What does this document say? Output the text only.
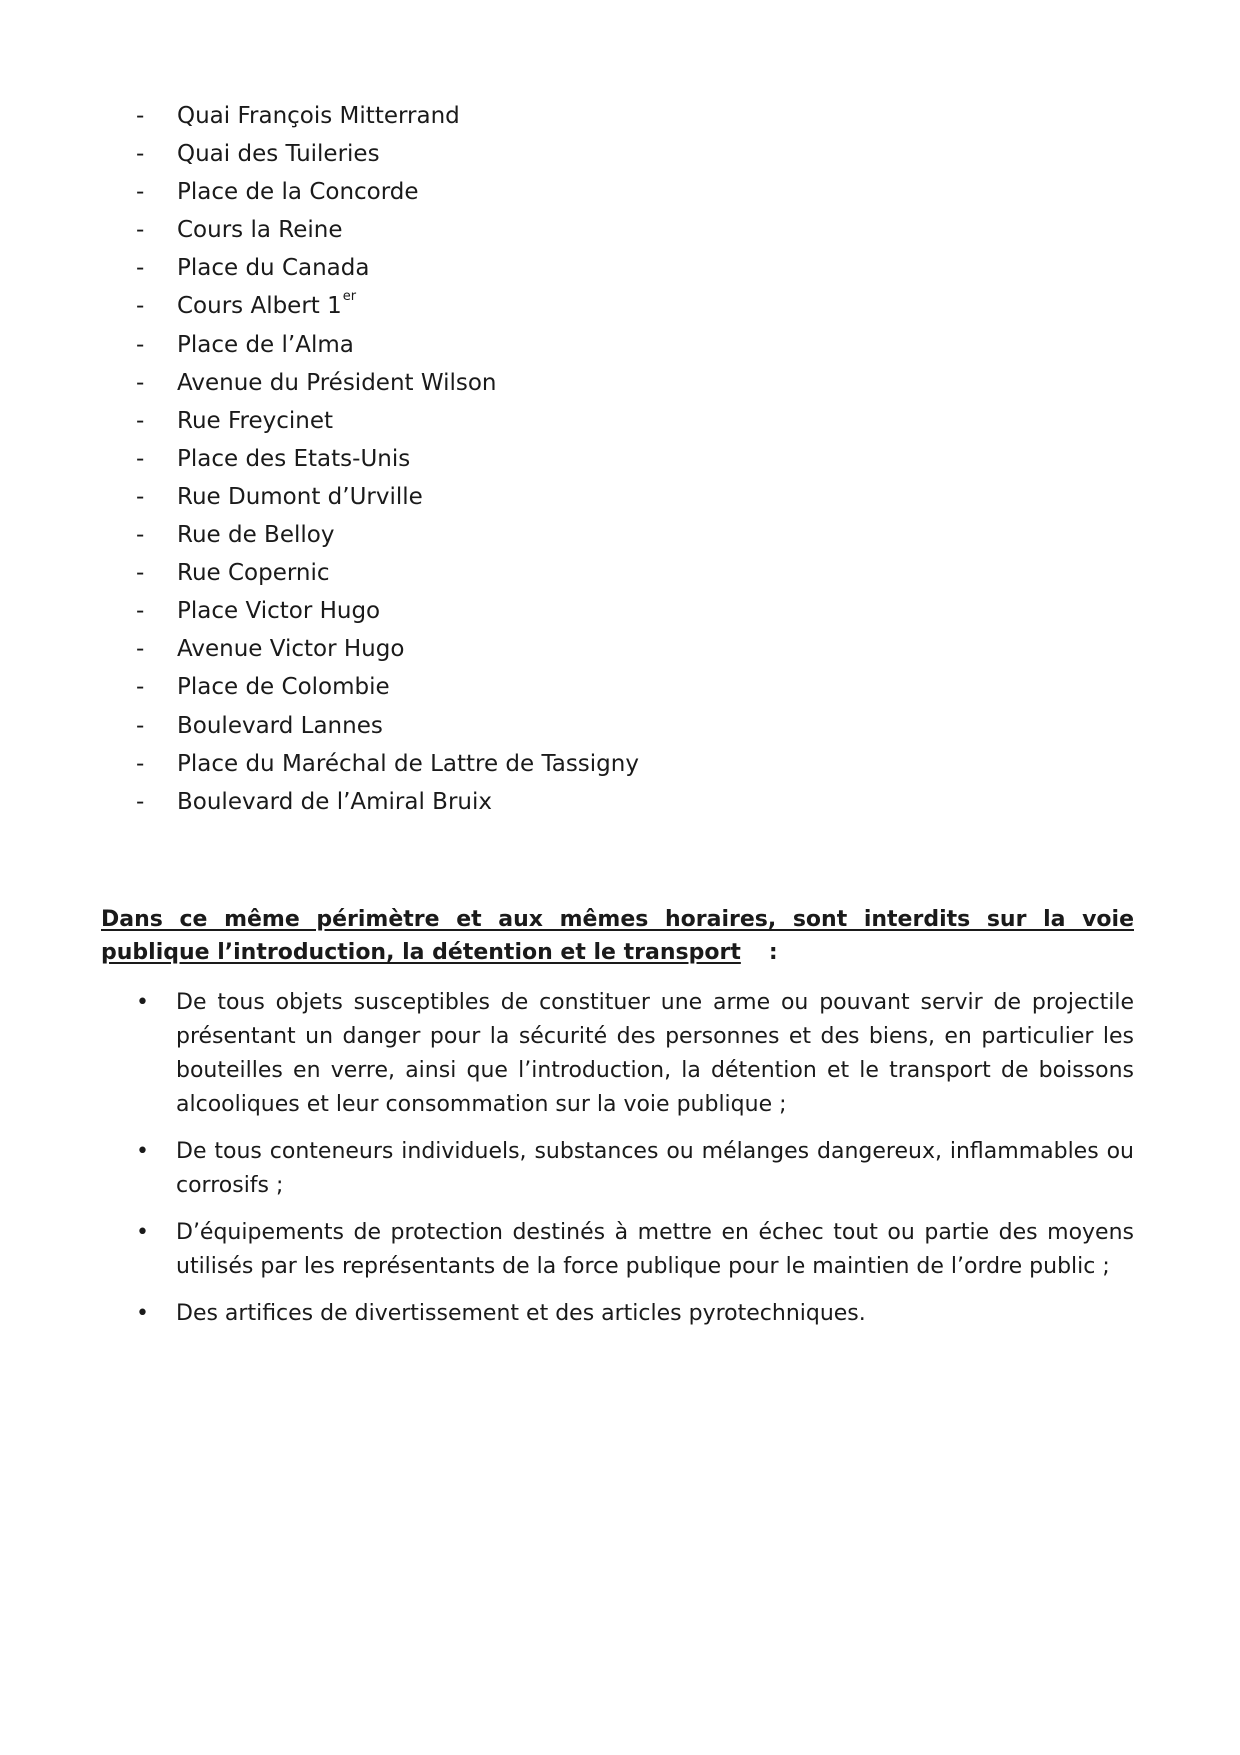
- Quai François Mitterrand
- Quai des Tuileries
- Place de la Concorde
- Cours la Reine
- Place du Canada
- Cours Albert 1er
- Place de l’Alma
- Avenue du Président Wilson
- Rue Freycinet
- Place des Etats-Unis
- Rue Dumont d’Urville
- Rue de Belloy
- Rue Copernic
- Place Victor Hugo
- Avenue Victor Hugo
- Place de Colombie
- Boulevard Lannes
- Place du Maréchal de Lattre de Tassigny
- Boulevard de l’Amiral Bruix

Dans ce même périmètre et aux mêmes horaires, sont interdits sur la voie publique l’introduction, la détention et le transport :

• De tous objets susceptibles de constituer une arme ou pouvant servir de projectile présentant un danger pour la sécurité des personnes et des biens, en particulier les bouteilles en verre, ainsi que l’introduction, la détention et le transport de boissons alcooliques et leur consommation sur la voie publique ;
• De tous conteneurs individuels, substances ou mélanges dangereux, inflammables ou corrosifs ;
• D’équipements de protection destinés à mettre en échec tout ou partie des moyens utilisés par les représentants de la force publique pour le maintien de l’ordre public ;
• Des artifices de divertissement et des articles pyrotechniques.
